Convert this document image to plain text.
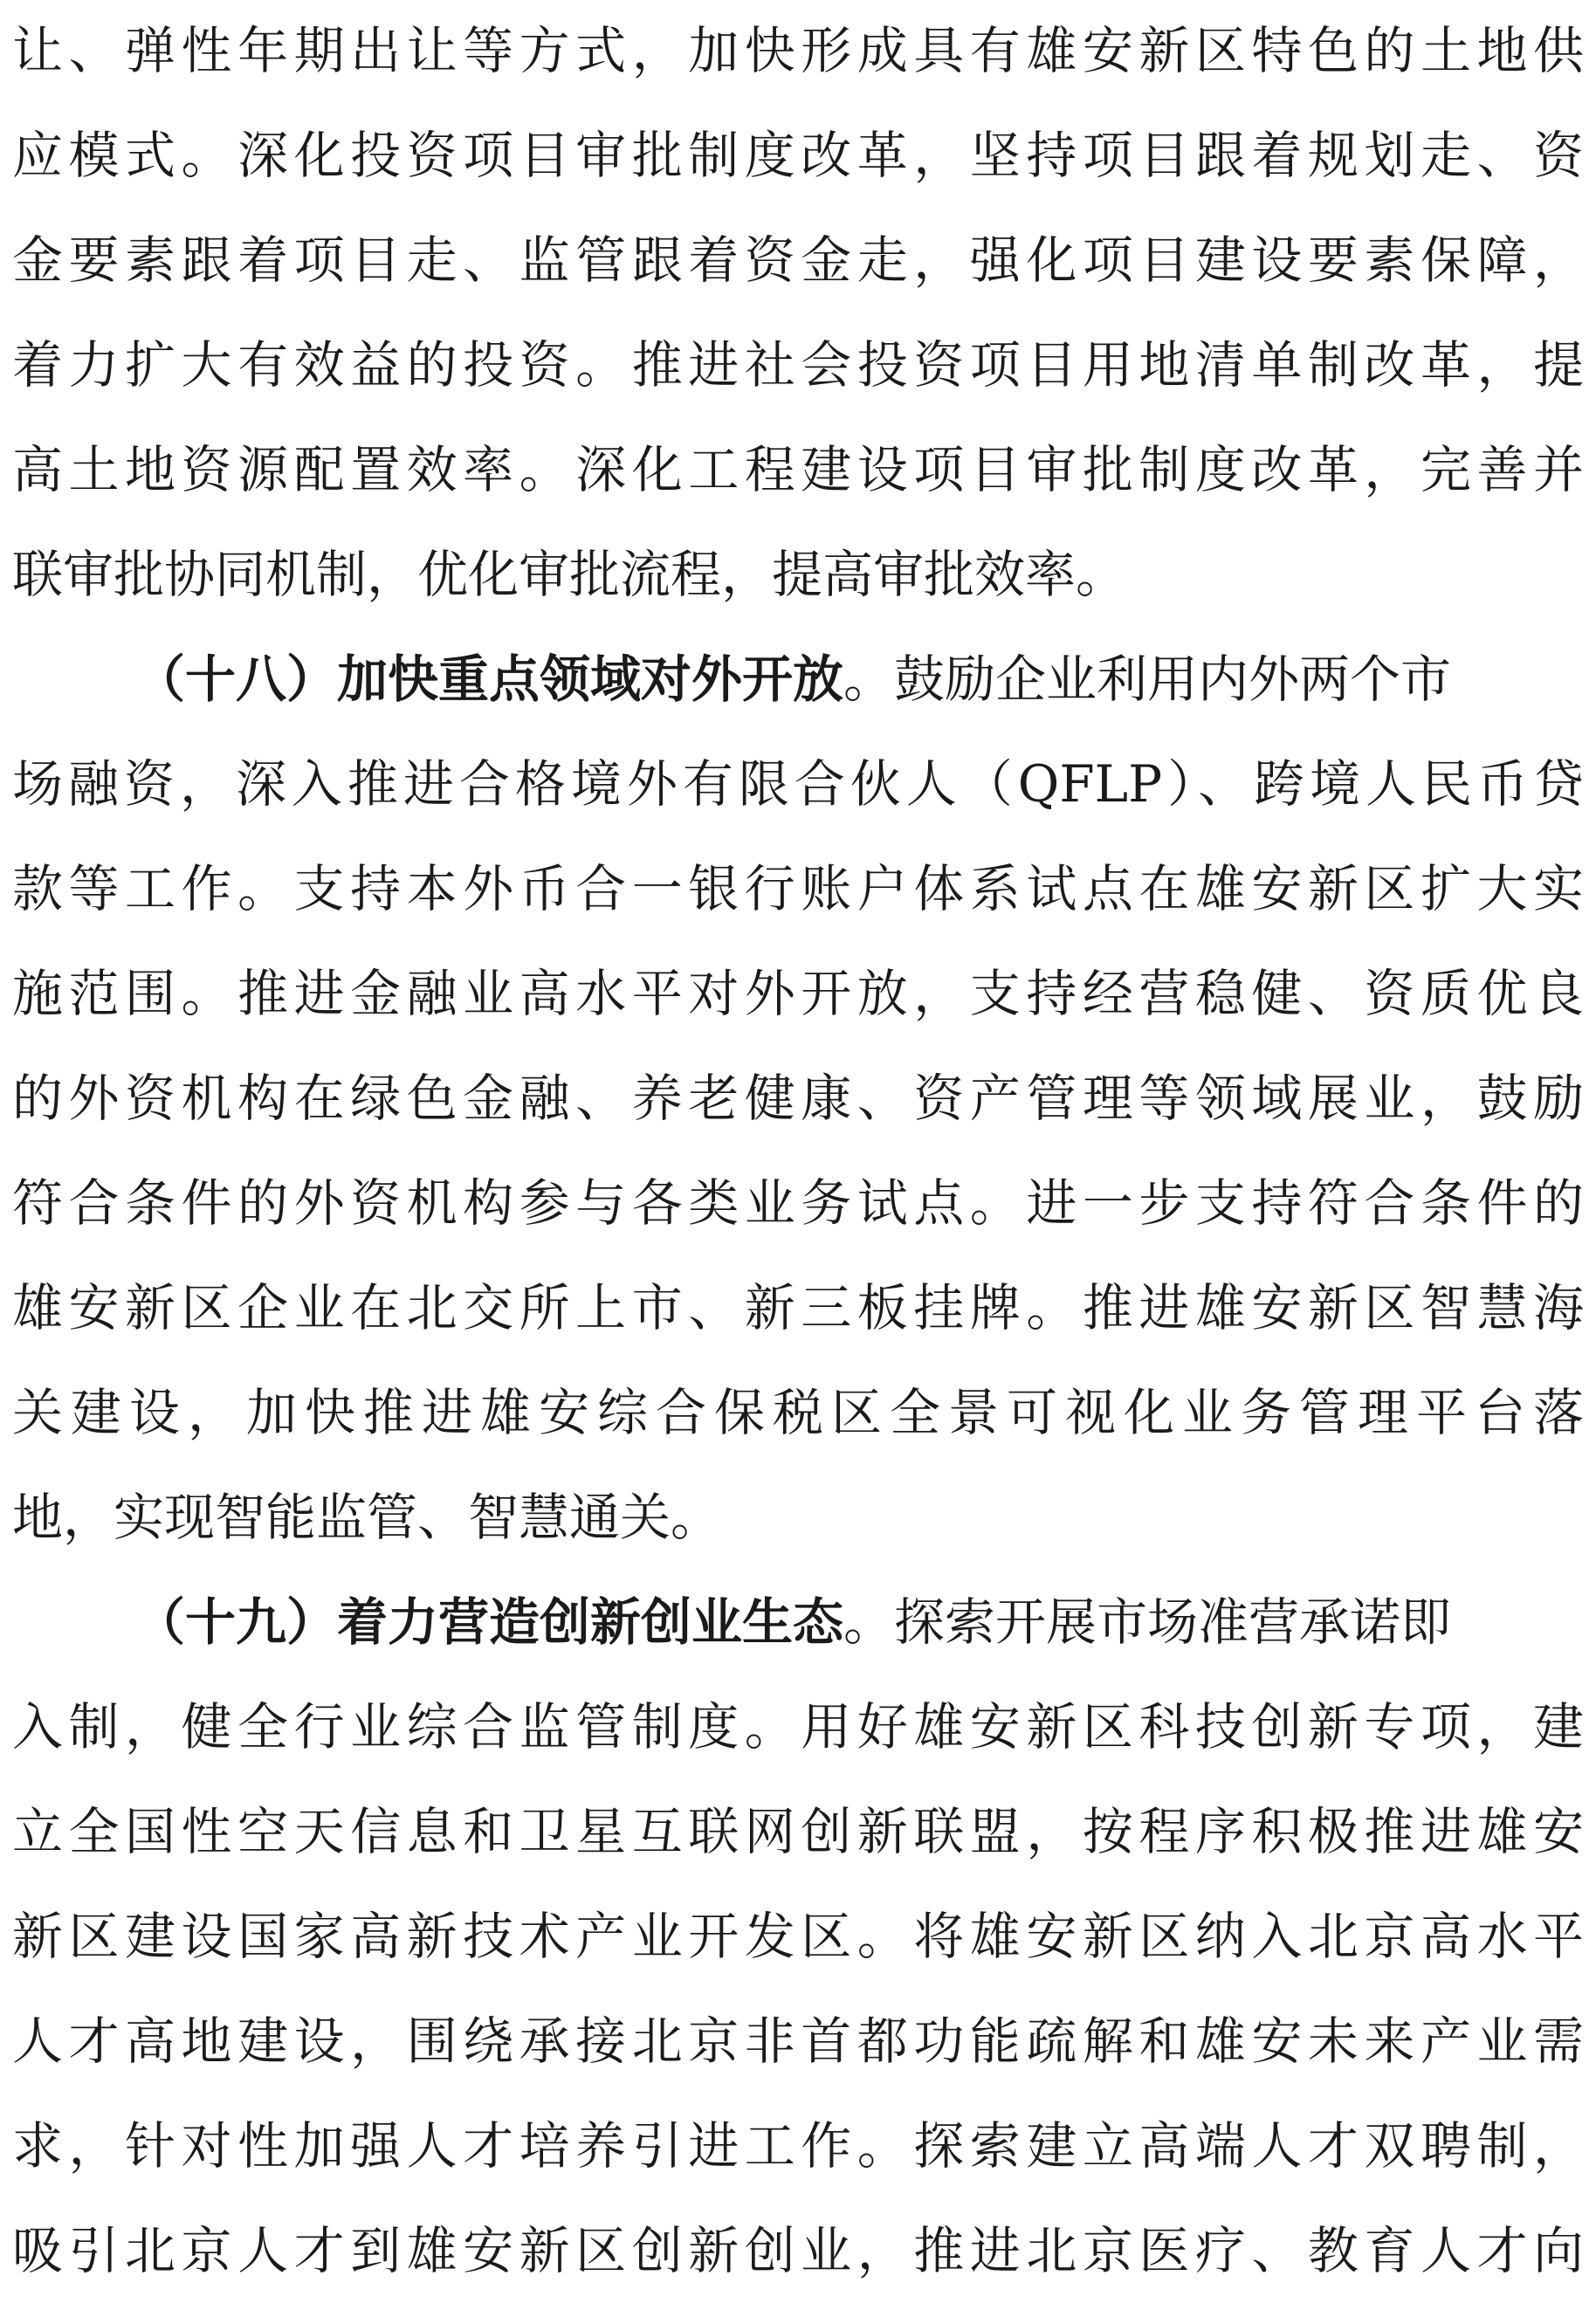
让、弹性年期出让等方式，加快形成具有雄安新区特色的土地供
应模式。深化投资项目审批制度改革，坚持项目跟着规划走、资
金要素跟着项目走、监管跟着资金走，强化项目建设要素保障，
着力扩大有效益的投资。推进社会投资项目用地清单制改革，提
高土地资源配置效率。深化工程建设项目审批制度改革，完善并
联审批协同机制，优化审批流程，提高审批效率。
（十八）加快重点领域对外开放。鼓励企业利用内外两个市
场融资，深入推进合格境外有限合伙人（QFLP）、跨境人民币贷
款等工作。支持本外币合一银行账户体系试点在雄安新区扩大实
施范围。推进金融业高水平对外开放，支持经营稳健、资质优良
的外资机构在绿色金融、养老健康、资产管理等领域展业，鼓励
符合条件的外资机构参与各类业务试点。进一步支持符合条件的
雄安新区企业在北交所上市、新三板挂牌。推进雄安新区智慧海
关建设，加快推进雄安综合保税区全景可视化业务管理平台落
地，实现智能监管、智慧通关。
（十九）着力营造创新创业生态。探索开展市场准营承诺即
入制，健全行业综合监管制度。用好雄安新区科技创新专项，建
立全国性空天信息和卫星互联网创新联盟，按程序积极推进雄安
新区建设国家高新技术产业开发区。将雄安新区纳入北京高水平
人才高地建设，围绕承接北京非首都功能疏解和雄安未来产业需
求，针对性加强人才培养引进工作。探索建立高端人才双聘制，
吸引北京人才到雄安新区创新创业，推进北京医疗、教育人才向
